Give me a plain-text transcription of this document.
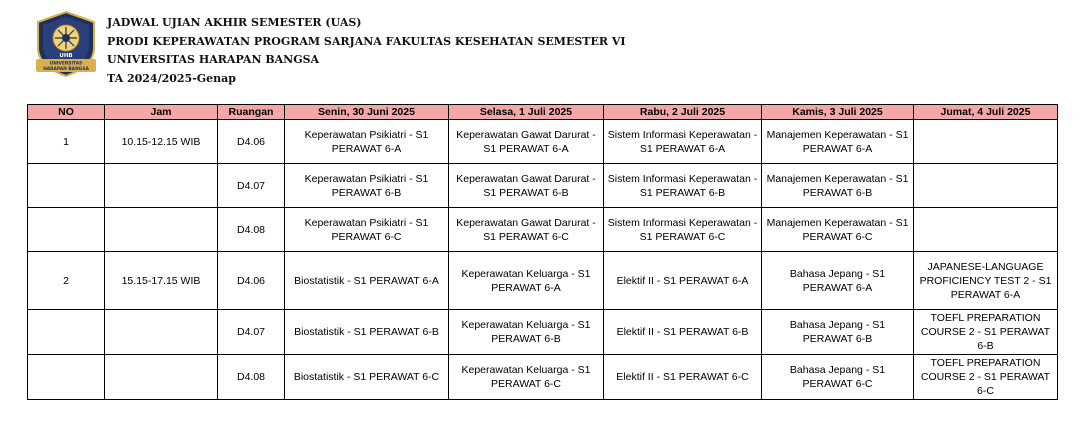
UHB
UNIVERSITAS
HARAPAN BANGSA
JADWAL UJIAN AKHIR SEMESTER (UAS)
PRODI KEPERAWATAN PROGRAM SARJANA FAKULTAS KESEHATAN SEMESTER VI
UNIVERSITAS HARAPAN BANGSA
TA 2024/2025-Genap
NO	Jam	Ruangan	Senin, 30 Juni 2025	Selasa, 1 Juli 2025	Rabu, 2 Juli 2025	Kamis, 3 Juli 2025	Jumat, 4 Juli 2025
1	10.15-12.15 WIB	D4.06	Keperawatan Psikiatri - S1 PERAWAT 6-A	Keperawatan Gawat Darurat - S1 PERAWAT 6-A	Sistem Informasi Keperawatan - S1 PERAWAT 6-A	Manajemen Keperawatan - S1 PERAWAT 6-A	
		D4.07	Keperawatan Psikiatri - S1 PERAWAT 6-B	Keperawatan Gawat Darurat - S1 PERAWAT 6-B	Sistem Informasi Keperawatan - S1 PERAWAT 6-B	Manajemen Keperawatan - S1 PERAWAT 6-B	
		D4.08	Keperawatan Psikiatri - S1 PERAWAT 6-C	Keperawatan Gawat Darurat - S1 PERAWAT 6-C	Sistem Informasi Keperawatan - S1 PERAWAT 6-C	Manajemen Keperawatan - S1 PERAWAT 6-C	
2	15.15-17.15 WIB	D4.06	Biostatistik - S1 PERAWAT 6-A	Keperawatan Keluarga - S1 PERAWAT 6-A	Elektif II - S1 PERAWAT 6-A	Bahasa Jepang - S1 PERAWAT 6-A	JAPANESE-LANGUAGE PROFICIENCY TEST 2 - S1 PERAWAT 6-A
		D4.07	Biostatistik - S1 PERAWAT 6-B	Keperawatan Keluarga - S1 PERAWAT 6-B	Elektif II - S1 PERAWAT 6-B	Bahasa Jepang - S1 PERAWAT 6-B	TOEFL PREPARATION COURSE 2 - S1 PERAWAT 6-B
		D4.08	Biostatistik - S1 PERAWAT 6-C	Keperawatan Keluarga - S1 PERAWAT 6-C	Elektif II - S1 PERAWAT 6-C	Bahasa Jepang - S1 PERAWAT 6-C	TOEFL PREPARATION COURSE 2 - S1 PERAWAT 6-C
